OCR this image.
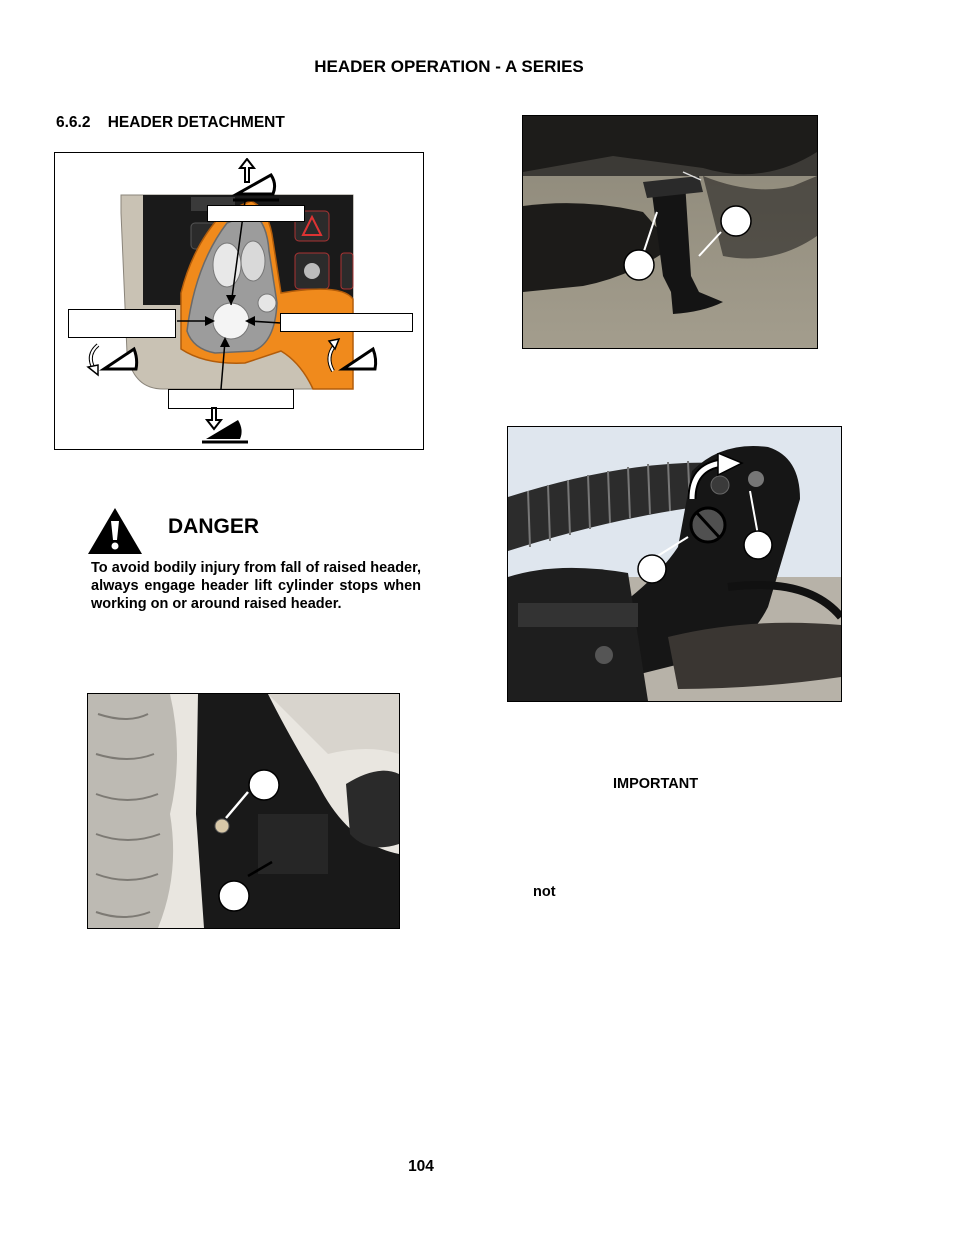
HEADER OPERATION - A SERIES
6.6.2 HEADER DETACHMENT
DANGER
To avoid bodily injury from fall of raised header, always engage header lift cylinder stops when working on or around raised header.
IMPORTANT
not
104
